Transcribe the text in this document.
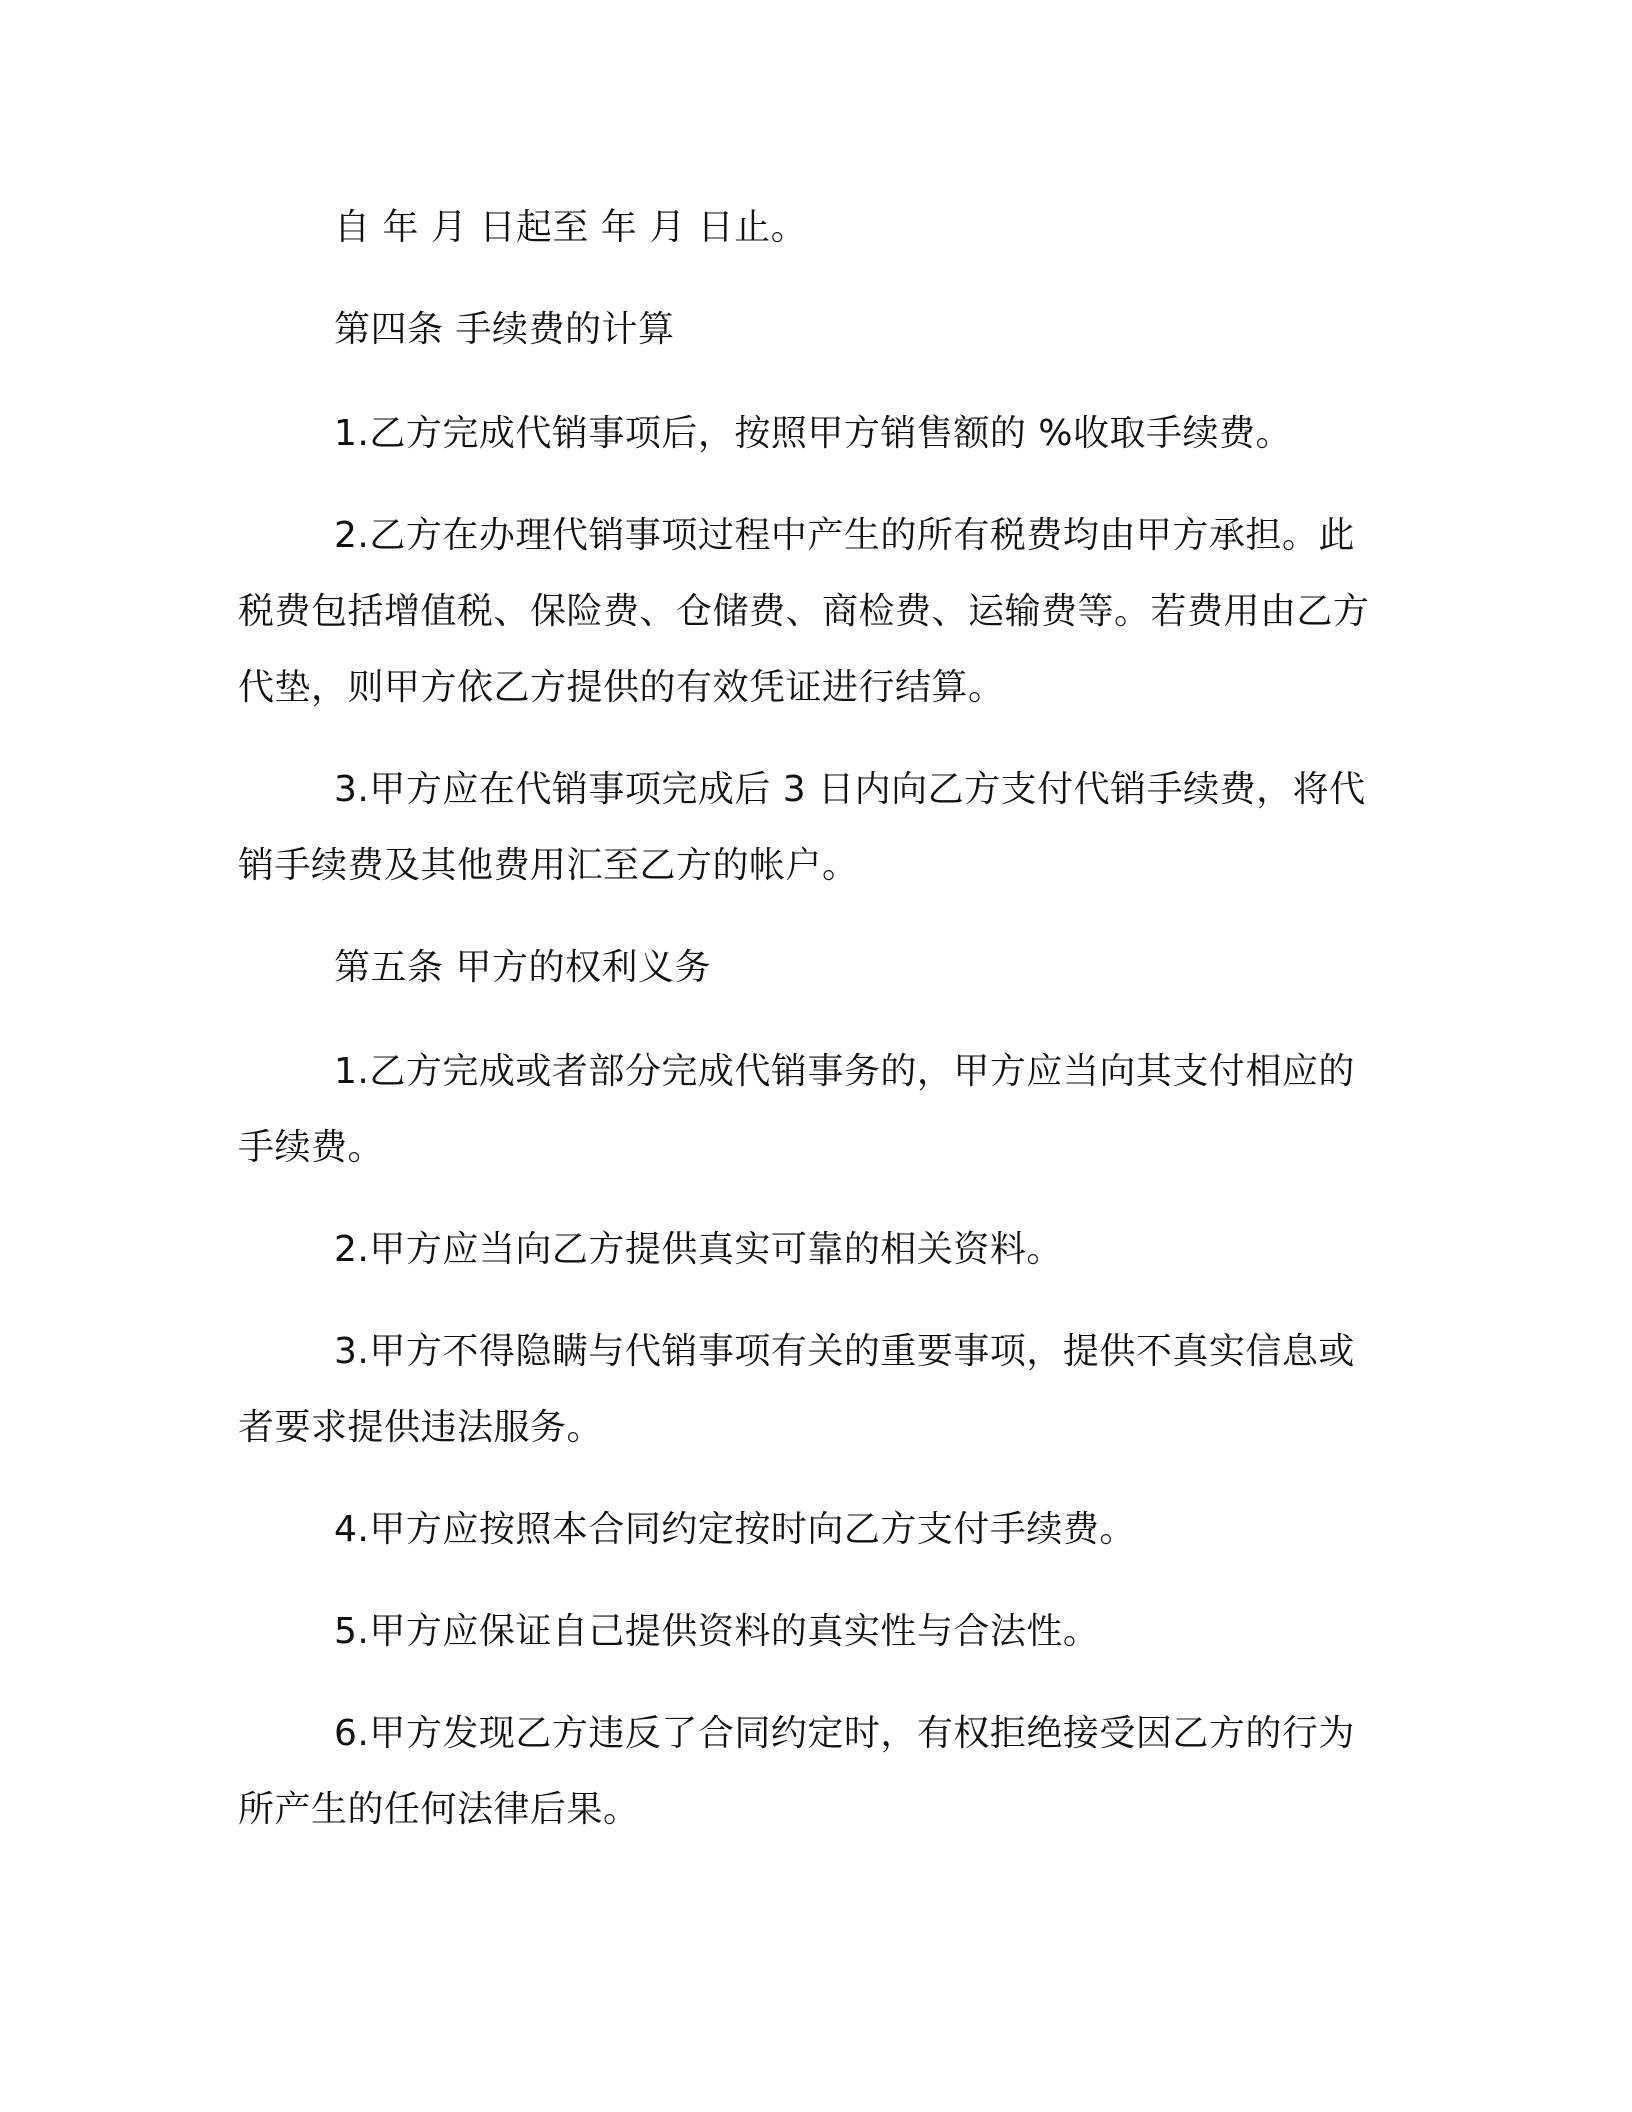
自 年 月 日起至 年 月 日止。

第四条 手续费的计算

1.乙方完成代销事项后，按照甲方销售额的 %收取手续费。

2.乙方在办理代销事项过程中产生的所有税费均由甲方承担。此税费包括增值税、保险费、仓储费、商检费、运输费等。若费用由乙方代垫，则甲方依乙方提供的有效凭证进行结算。

3.甲方应在代销事项完成后 3 日内向乙方支付代销手续费，将代销手续费及其他费用汇至乙方的帐户。

第五条 甲方的权利义务

1.乙方完成或者部分完成代销事务的，甲方应当向其支付相应的手续费。

2.甲方应当向乙方提供真实可靠的相关资料。

3.甲方不得隐瞒与代销事项有关的重要事项，提供不真实信息或者要求提供违法服务。

4.甲方应按照本合同约定按时向乙方支付手续费。

5.甲方应保证自己提供资料的真实性与合法性。

6.甲方发现乙方违反了合同约定时，有权拒绝接受因乙方的行为所产生的任何法律后果。
